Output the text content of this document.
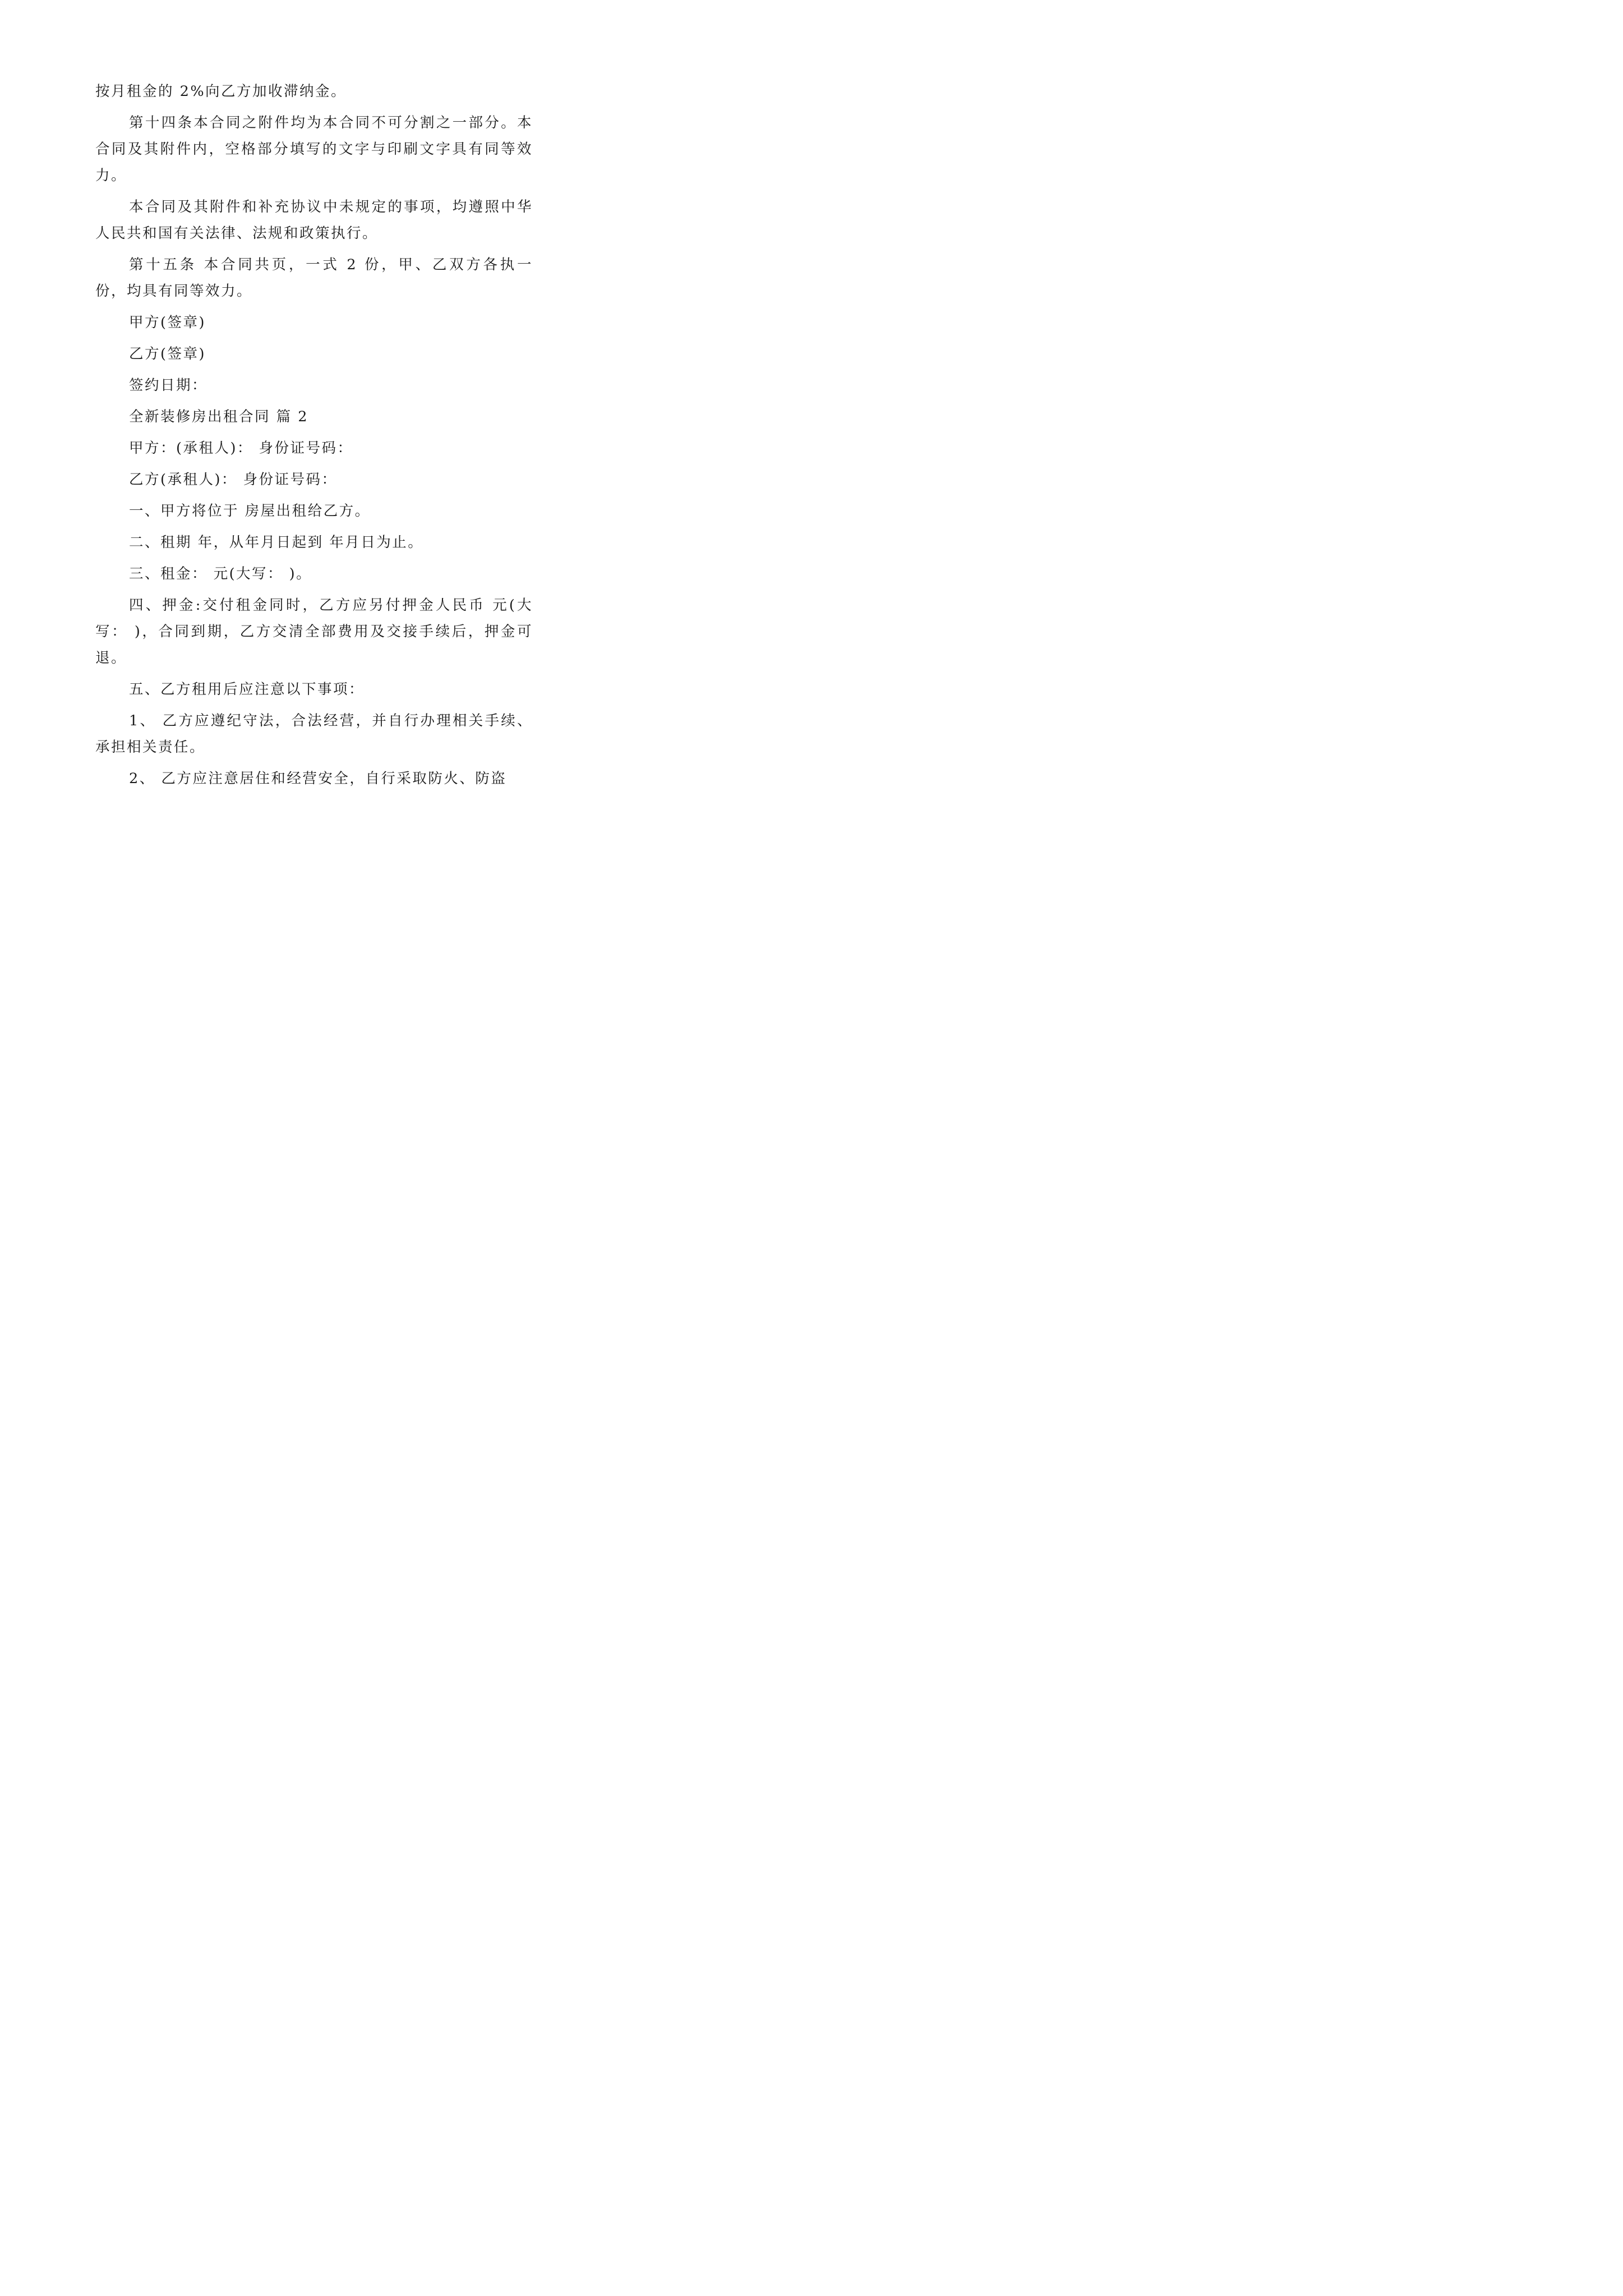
按月租金的 2%向乙方加收滞纳金。

第十四条本合同之附件均为本合同不可分割之一部分。本合同及其附件内，空格部分填写的文字与印刷文字具有同等效力。

本合同及其附件和补充协议中未规定的事项，均遵照中华人民共和国有关法律、法规和政策执行。

第十五条 本合同共页，一式 2 份，甲、乙双方各执一份，均具有同等效力。

甲方(签章)

乙方(签章)

签约日期：

全新装修房出租合同 篇 2

甲方：(承租人)： 身份证号码：

乙方(承租人)： 身份证号码：

一、甲方将位于 房屋出租给乙方。

二、租期 年，从年月日起到 年月日为止。

三、租金： 元(大写： )。

四、押金:交付租金同时，乙方应另付押金人民币 元(大写： )，合同到期，乙方交清全部费用及交接手续后，押金可退。

五、乙方租用后应注意以下事项：

1、 乙方应遵纪守法，合法经营，并自行办理相关手续、承担相关责任。

2、 乙方应注意居住和经营安全，自行采取防火、防盗
